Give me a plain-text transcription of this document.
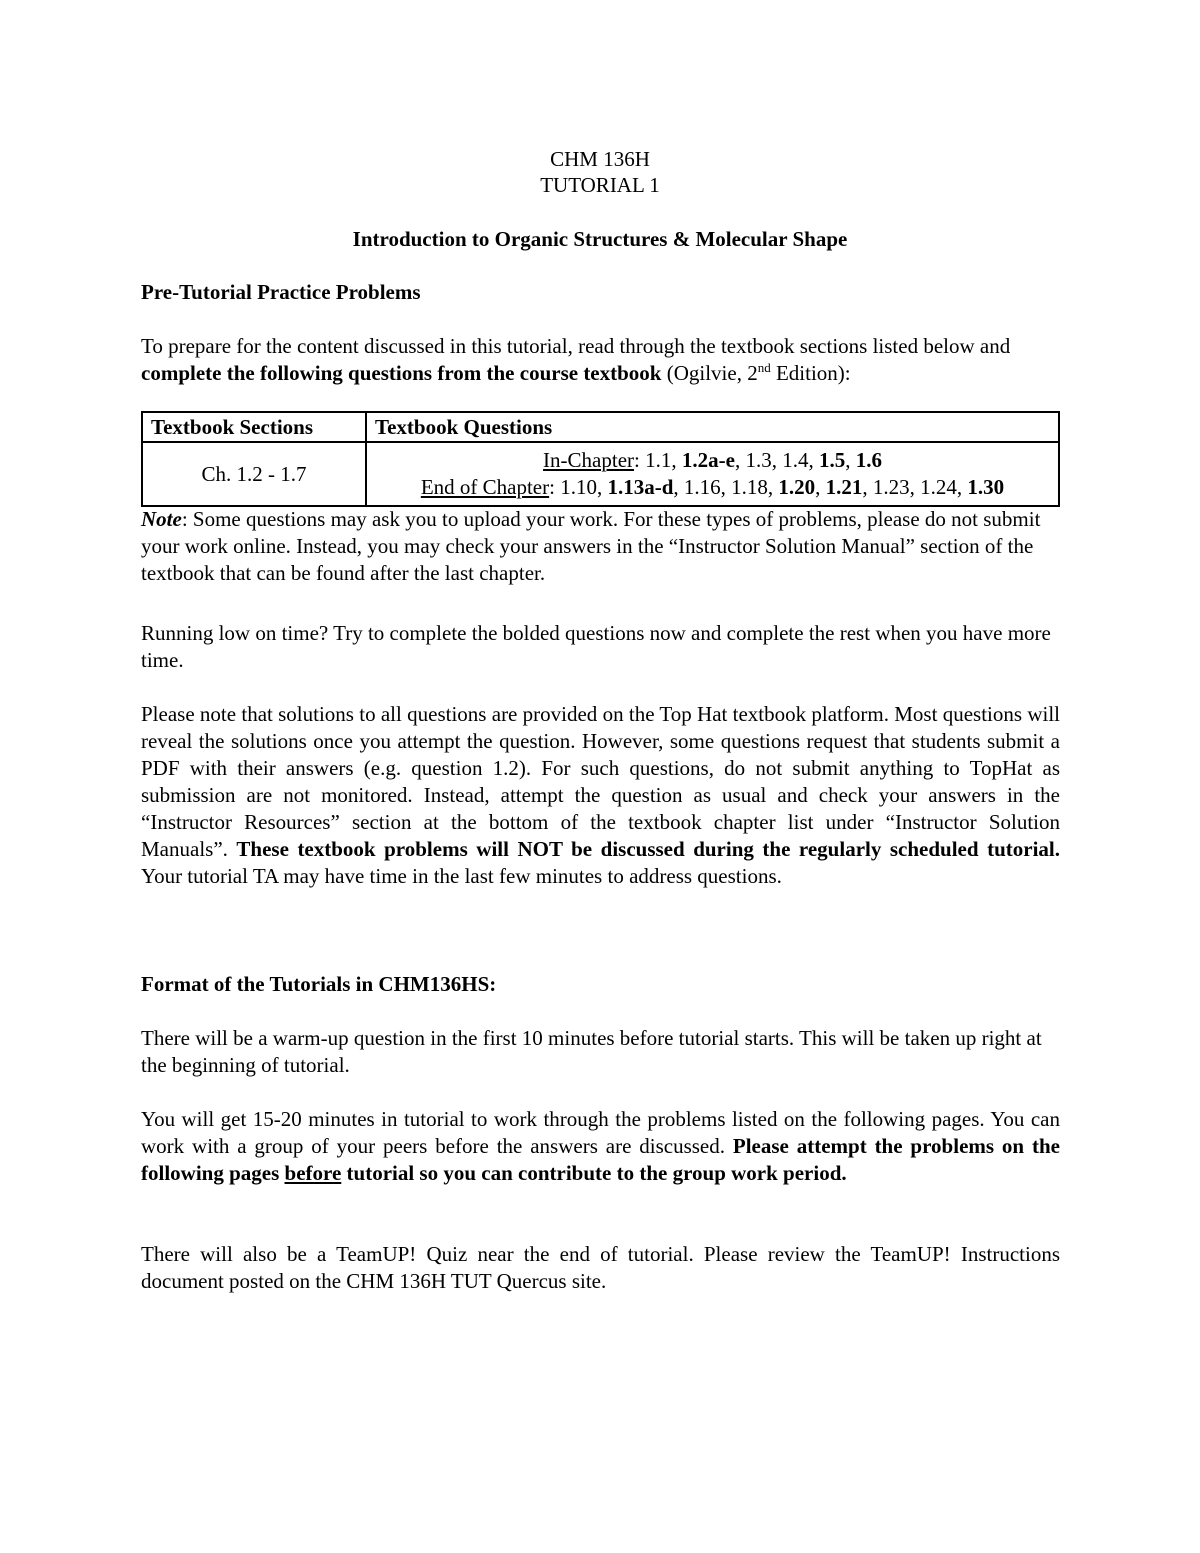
CHM 136H
TUTORIAL 1
Introduction to Organic Structures & Molecular Shape
Pre-Tutorial Practice Problems
To prepare for the content discussed in this tutorial, read through the textbook sections listed below and complete the following questions from the course textbook (Ogilvie, 2nd Edition):
Textbook Sections	Textbook Questions
Ch. 1.2 - 1.7	In-Chapter: 1.1, 1.2a-e, 1.3, 1.4, 1.5, 1.6
End of Chapter: 1.10, 1.13a-d, 1.16, 1.18, 1.20, 1.21, 1.23, 1.24, 1.30
Note: Some questions may ask you to upload your work. For these types of problems, please do not submit your work online. Instead, you may check your answers in the “Instructor Solution Manual” section of the textbook that can be found after the last chapter.
Running low on time? Try to complete the bolded questions now and complete the rest when you have more time.
Please note that solutions to all questions are provided on the Top Hat textbook platform. Most questions will reveal the solutions once you attempt the question. However, some questions request that students submit a PDF with their answers (e.g. question 1.2). For such questions, do not submit anything to TopHat as submission are not monitored. Instead, attempt the question as usual and check your answers in the “Instructor Resources” section at the bottom of the textbook chapter list under “Instructor Solution Manuals”. These textbook problems will NOT be discussed during the regularly scheduled tutorial. Your tutorial TA may have time in the last few minutes to address questions.
Format of the Tutorials in CHM136HS:
There will be a warm-up question in the first 10 minutes before tutorial starts. This will be taken up right at the beginning of tutorial.
You will get 15-20 minutes in tutorial to work through the problems listed on the following pages. You can work with a group of your peers before the answers are discussed. Please attempt the problems on the following pages before tutorial so you can contribute to the group work period.
There will also be a TeamUP! Quiz near the end of tutorial. Please review the TeamUP! Instructions document posted on the CHM 136H TUT Quercus site.
